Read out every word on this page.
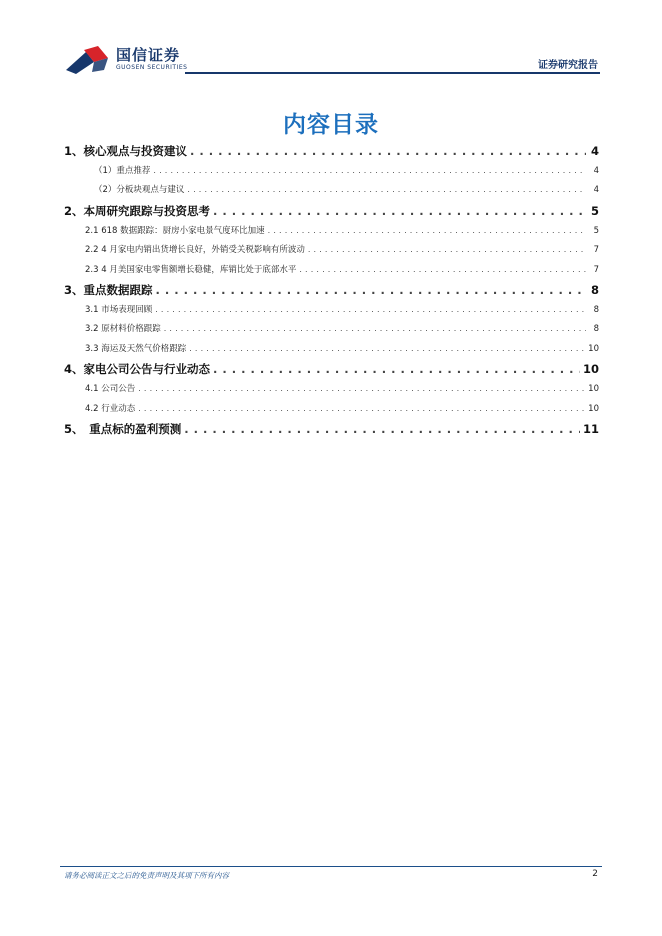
国信证券
GUOSEN SECURITIES	证券研究报告
内容目录
1、核心观点与投资建议 . . .	4
（1）重点推荐 . . .	4
（2）分板块观点与建议 . . .	4
2、本周研究跟踪与投资思考 . . .	5
2.1 618 数据跟踪：厨房小家电景气度环比加速 . . .	5
2.2 4 月家电内销出货增长良好，外销受关税影响有所波动 . . .	7
2.3 4 月美国家电零售额增长稳健，库销比处于底部水平 . . .	7
3、重点数据跟踪 . . .	8
3.1 市场表现回顾 . . .	8
3.2 原材料价格跟踪 . . .	8
3.3 海运及天然气价格跟踪 . . .	10
4、家电公司公告与行业动态 . . .	10
4.1 公司公告 . . .	10
4.2 行业动态 . . .	10
5、　重点标的盈利预测 . . .	11
请务必阅读正文之后的免责声明及其项下所有内容	2
